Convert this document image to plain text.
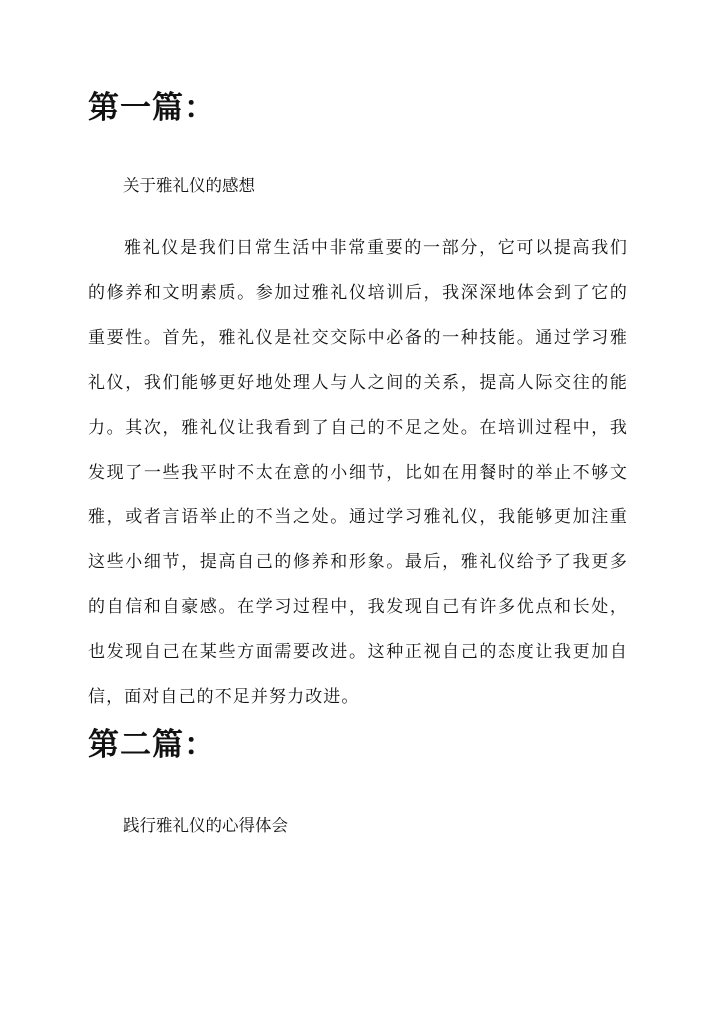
第一篇：

关于雅礼仪的感想

雅礼仪是我们日常生活中非常重要的一部分，它可以提高我们的修养和文明素质。参加过雅礼仪培训后，我深深地体会到了它的重要性。首先，雅礼仪是社交交际中必备的一种技能。通过学习雅礼仪，我们能够更好地处理人与人之间的关系，提高人际交往的能力。其次，雅礼仪让我看到了自己的不足之处。在培训过程中，我发现了一些我平时不太在意的小细节，比如在用餐时的举止不够文雅，或者言语举止的不当之处。通过学习雅礼仪，我能够更加注重这些小细节，提高自己的修养和形象。最后，雅礼仪给予了我更多的自信和自豪感。在学习过程中，我发现自己有许多优点和长处，也发现自己在某些方面需要改进。这种正视自己的态度让我更加自信，面对自己的不足并努力改进。

第二篇：

践行雅礼仪的心得体会
